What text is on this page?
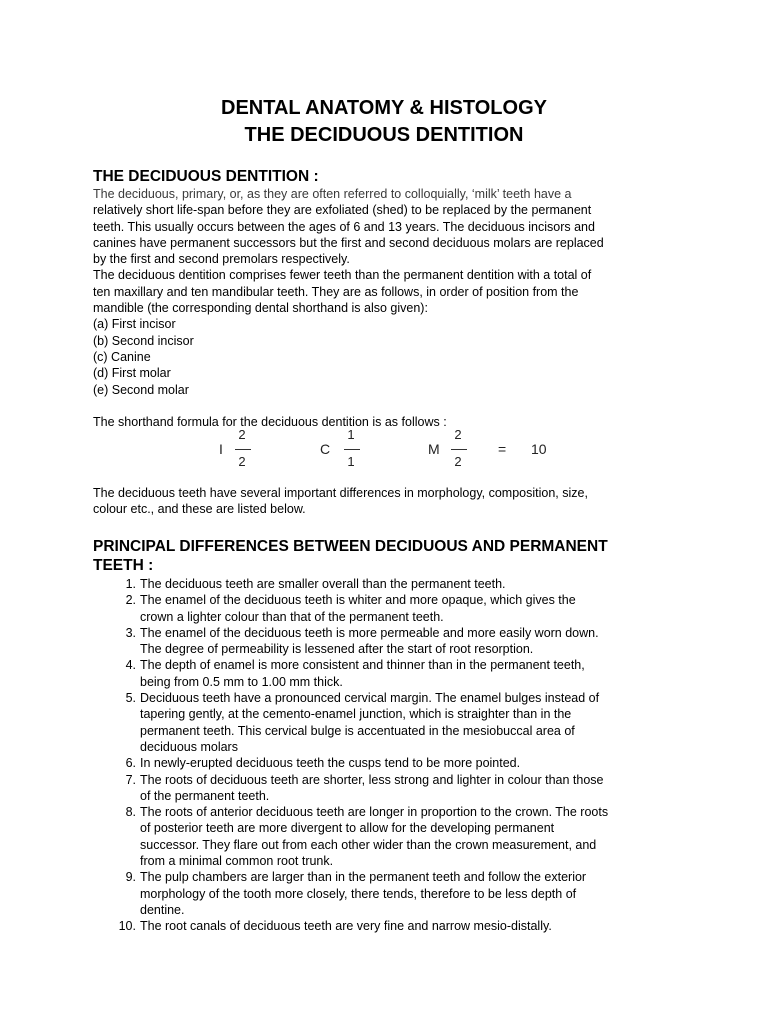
DENTAL ANATOMY & HISTOLOGY
THE DECIDUOUS DENTITION
THE DECIDUOUS DENTITION :
The deciduous, primary, or, as they are often referred to colloquially, ‘milk’ teeth have a
relatively short life-span before they are exfoliated (shed) to be replaced by the permanent
teeth. This usually occurs between the ages of 6 and 13 years. The deciduous incisors and
canines have permanent successors but the first and second deciduous molars are replaced
by the first and second premolars respectively.
The deciduous dentition comprises fewer teeth than the permanent dentition with a total of
ten maxillary and ten mandibular teeth. They are as follows, in order of position from the
mandible (the corresponding dental shorthand is also given):
(a) First incisor
(b) Second incisor
(c) Canine
(d) First molar
(e) Second molar
The shorthand formula for the deciduous dentition is as follows :
I
2
2
C
1
1
M
2
2
= 10
The deciduous teeth have several important differences in morphology, composition, size,
colour etc., and these are listed below.
PRINCIPAL DIFFERENCES BETWEEN DECIDUOUS AND PERMANENT
TEETH :
1. The deciduous teeth are smaller overall than the permanent teeth.
2. The enamel of the deciduous teeth is whiter and more opaque, which gives the
crown a lighter colour than that of the permanent teeth.
3. The enamel of the deciduous teeth is more permeable and more easily worn down.
The degree of permeability is lessened after the start of root resorption.
4. The depth of enamel is more consistent and thinner than in the permanent teeth,
being from 0.5 mm to 1.00 mm thick.
5. Deciduous teeth have a pronounced cervical margin. The enamel bulges instead of
tapering gently, at the cemento-enamel junction, which is straighter than in the
permanent teeth. This cervical bulge is accentuated in the mesiobuccal area of
deciduous molars
6. In newly-erupted deciduous teeth the cusps tend to be more pointed.
7. The roots of deciduous teeth are shorter, less strong and lighter in colour than those
of the permanent teeth.
8. The roots of anterior deciduous teeth are longer in proportion to the crown. The roots
of posterior teeth are more divergent to allow for the developing permanent
successor. They flare out from each other wider than the crown measurement, and
from a minimal common root trunk.
9. The pulp chambers are larger than in the permanent teeth and follow the exterior
morphology of the tooth more closely, there tends, therefore to be less depth of
dentine.
10. The root canals of deciduous teeth are very fine and narrow mesio-distally.
